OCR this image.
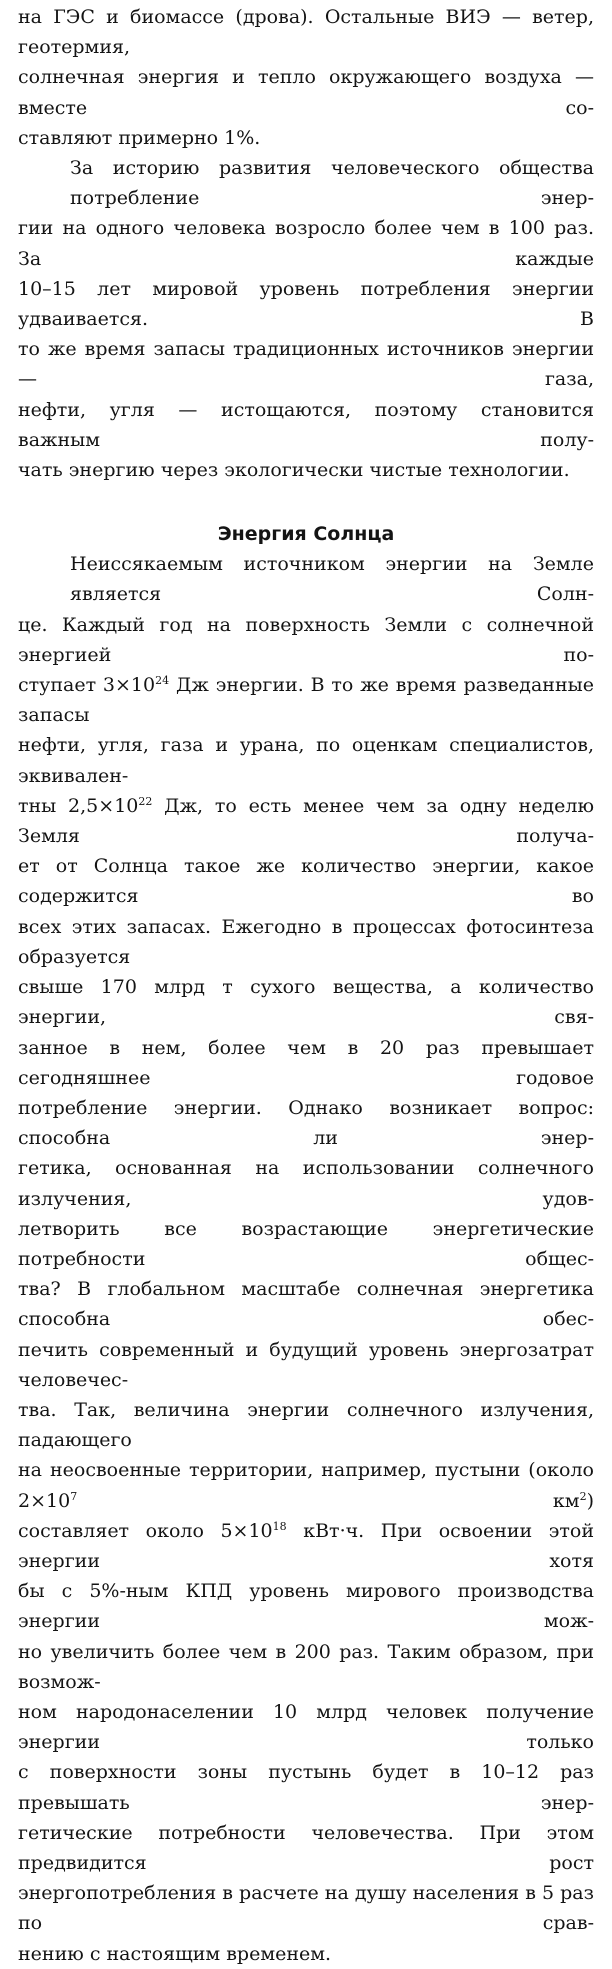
на ГЭС и биомассе (дрова). Остальные ВИЭ — ветер, геотермия,
солнечная энергия и тепло окружающего воздуха — вместе со-
ставляют примерно 1%.
За историю развития человеческого общества потребление энер-
гии на одного человека возросло более чем в 100 раз. За каждые
10–15 лет мировой уровень потребления энергии удваивается. В
то же время запасы традиционных источников энергии — газа,
нефти, угля — истощаются, поэтому становится важным полу-
чать энергию через экологически чистые технологии.
Энергия Солнца
Неиссякаемым источником энергии на Земле является Солн-
це. Каждый год на поверхность Земли с солнечной энергией по-
ступает $3\times 10^{24}$ Дж энергии. В то же время разведанные запасы
нефти, угля, газа и урана, по оценкам специалистов, эквивален-
тны $2,5\times 10^{22}$ Дж, то есть менее чем за одну неделю Земля получа-
ет от Солнца такое же количество энергии, какое содержится во
всех этих запасах. Ежегодно в процессах фотосинтеза образуется
свыше 170 млрд т сухого вещества, а количество энергии, свя-
занное в нем, более чем в 20 раз превышает сегодняшнее годовое
потребление энергии. Однако возникает вопрос: способна ли энер-
гетика, основанная на использовании солнечного излучения, удов-
летворить все возрастающие энергетические потребности общес-
тва? В глобальном масштабе солнечная энергетика способна обес-
печить современный и будущий уровень энергозатрат человечес-
тва. Так, величина энергии солнечного излучения, падающего
на неосвоенные территории, например, пустыни (около $2\times 10^7$ $км^2$)
составляет около $5\times 10^{18}$ кВт·ч. При освоении этой энергии хотя
бы с 5%-ным КПД уровень мирового производства энергии мож-
но увеличить более чем в 200 раз. Таким образом, при возмож-
ном народонаселении 10 млрд человек получение энергии только
с поверхности зоны пустынь будет в 10–12 раз превышать энер-
гетические потребности человечества. При этом предвидится рост
энергопотребления в расчете на душу населения в 5 раз по срав-
нению с настоящим временем.
